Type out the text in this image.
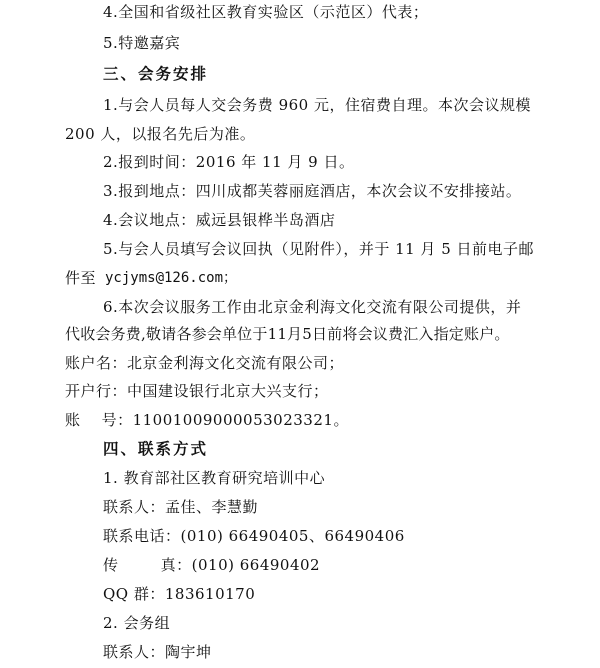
4.全国和省级社区教育实验区（示范区）代表；
5.特邀嘉宾
三、会务安排
1.与会人员每人交会务费 960 元，住宿费自理。本次会议规模
200 人，以报名先后为准。
2.报到时间：2016 年 11 月 9 日。
3.报到地点：四川成都芙蓉丽庭酒店，本次会议不安排接站。
4.会议地点：威远县银桦半岛酒店
5.与会人员填写会议回执（见附件），并于 11 月 5 日前电子邮
件至 ycjyms@126.com；
6.本次会议服务工作由北京金利海文化交流有限公司提供，并
代收会务费,敬请各参会单位于11月5日前将会议费汇入指定账户。
账户名：北京金利海文化交流有限公司；
开户行：中国建设银行北京大兴支行；
账    号：11001009000053023321。
四、联系方式
1. 教育部社区教育研究培训中心
联系人：孟佳、李慧勤
联系电话：(010) 66490405、66490406
传        真：(010) 66490402
QQ 群：183610170
2. 会务组
联系人：陶宇坤
